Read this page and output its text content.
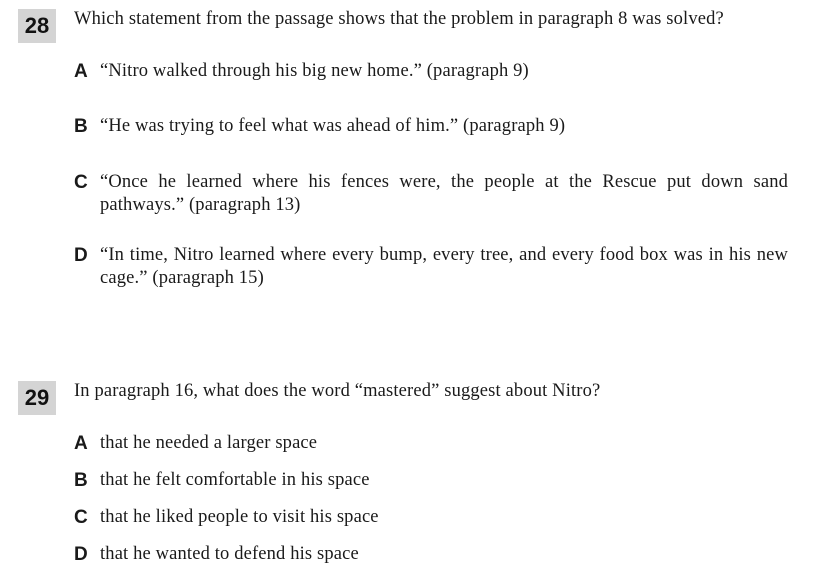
28	Which statement from the passage shows that the problem in paragraph 8 was solved?
A “Nitro walked through his big new home.” (paragraph 9)
B “He was trying to feel what was ahead of him.” (paragraph 9)
C “Once he learned where his fences were, the people at the Rescue put down sand pathways.” (paragraph 13)
D “In time, Nitro learned where every bump, every tree, and every food box was in his new cage.” (paragraph 15)
29	In paragraph 16, what does the word “mastered” suggest about Nitro?
A that he needed a larger space
B that he felt comfortable in his space
C that he liked people to visit his space
D that he wanted to defend his space
